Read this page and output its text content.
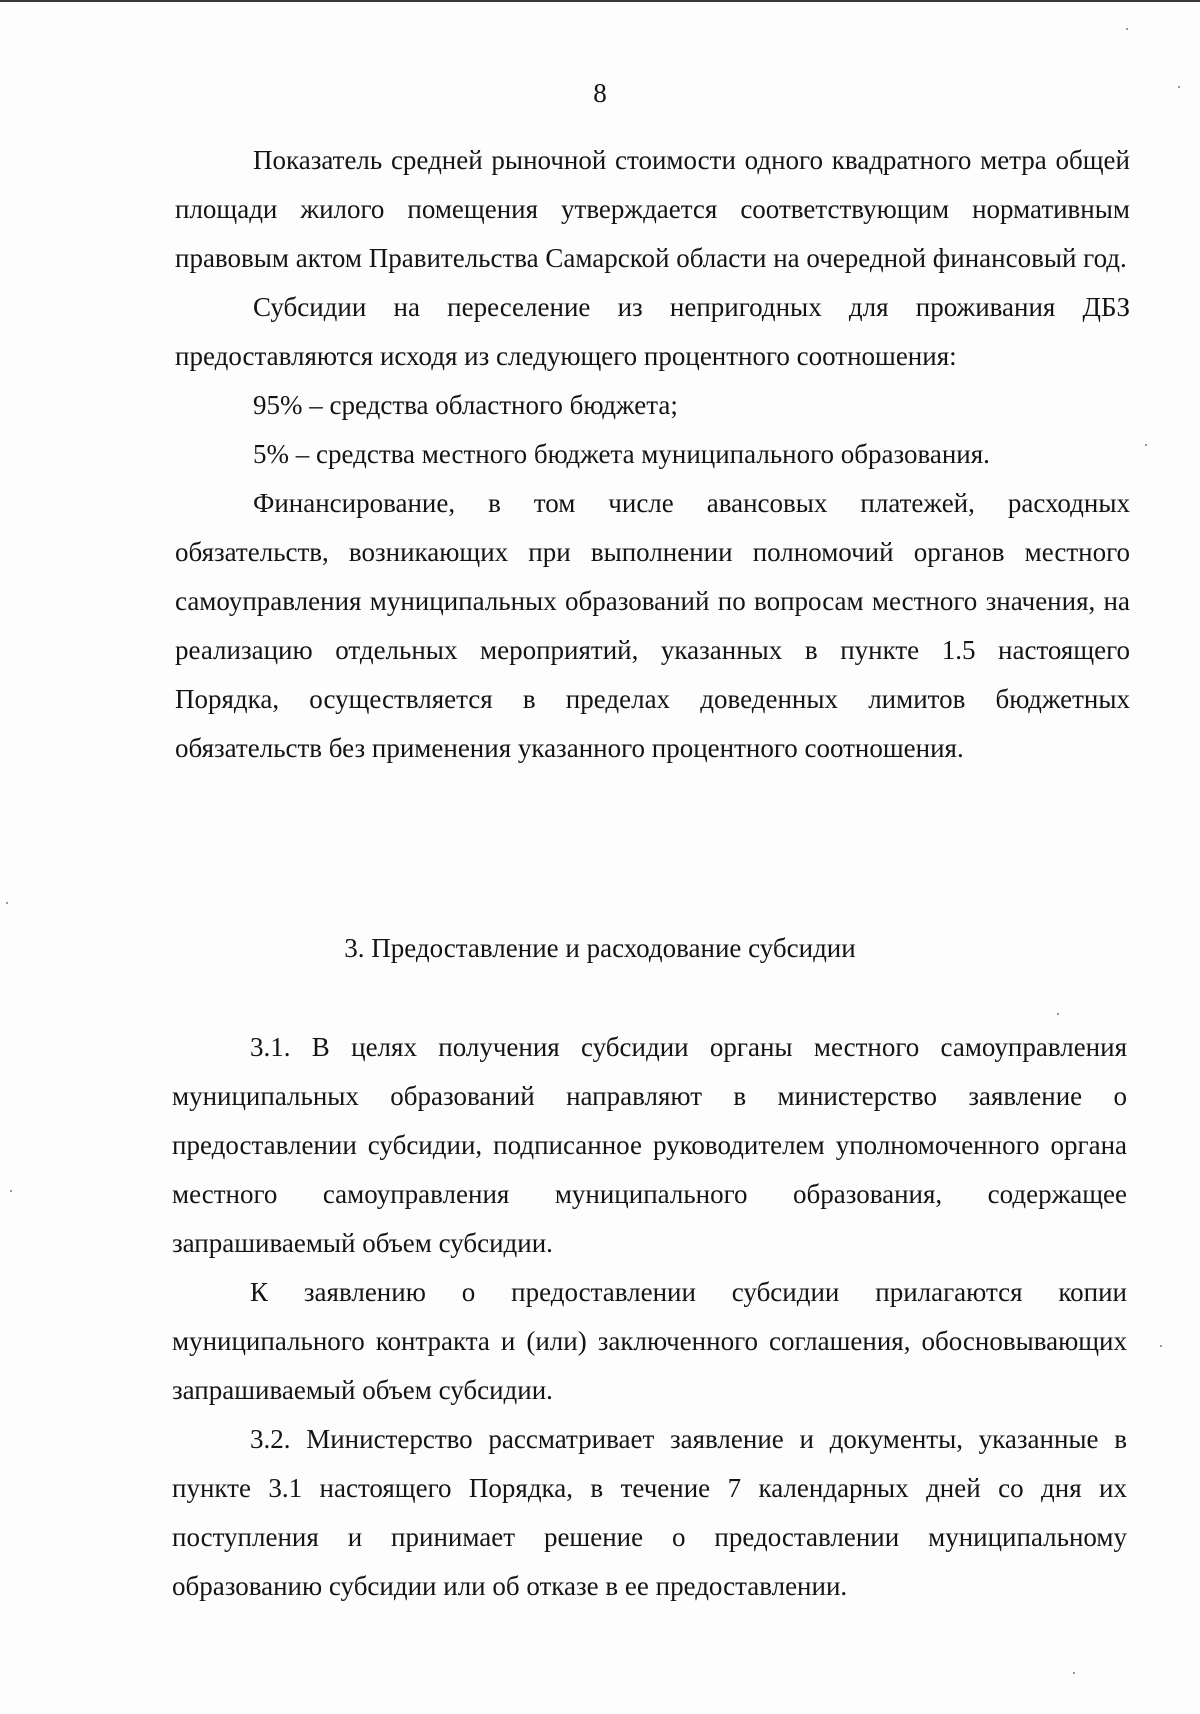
8

Показатель средней рыночной стоимости одного квадратного метра общей площади жилого помещения утверждается соответствующим нормативным правовым актом Правительства Самарской области на очередной финансовый год.

Субсидии на переселение из непригодных для проживания ДБЗ предоставляются исходя из следующего процентного соотношения:

95% – средства областного бюджета;

5% – средства местного бюджета муниципального образования.

Финансирование, в том числе авансовых платежей, расходных обязательств, возникающих при выполнении полномочий органов местного самоуправления муниципальных образований по вопросам местного значения, на реализацию отдельных мероприятий, указанных в пункте 1.5 настоящего Порядка, осуществляется в пределах доведенных лимитов бюджетных обязательств без применения указанного процентного соотношения.

3. Предоставление и расходование субсидии

3.1. В целях получения субсидии органы местного самоуправления муниципальных образований направляют в министерство заявление о предоставлении субсидии, подписанное руководителем уполномоченного органа местного самоуправления муниципального образования, содержащее запрашиваемый объем субсидии.

К заявлению о предоставлении субсидии прилагаются копии муниципального контракта и (или) заключенного соглашения, обосновывающих запрашиваемый объем субсидии.

3.2. Министерство рассматривает заявление и документы, указанные в пункте 3.1 настоящего Порядка, в течение 7 календарных дней со дня их поступления и принимает решение о предоставлении муниципальному образованию субсидии или об отказе в ее предоставлении.
